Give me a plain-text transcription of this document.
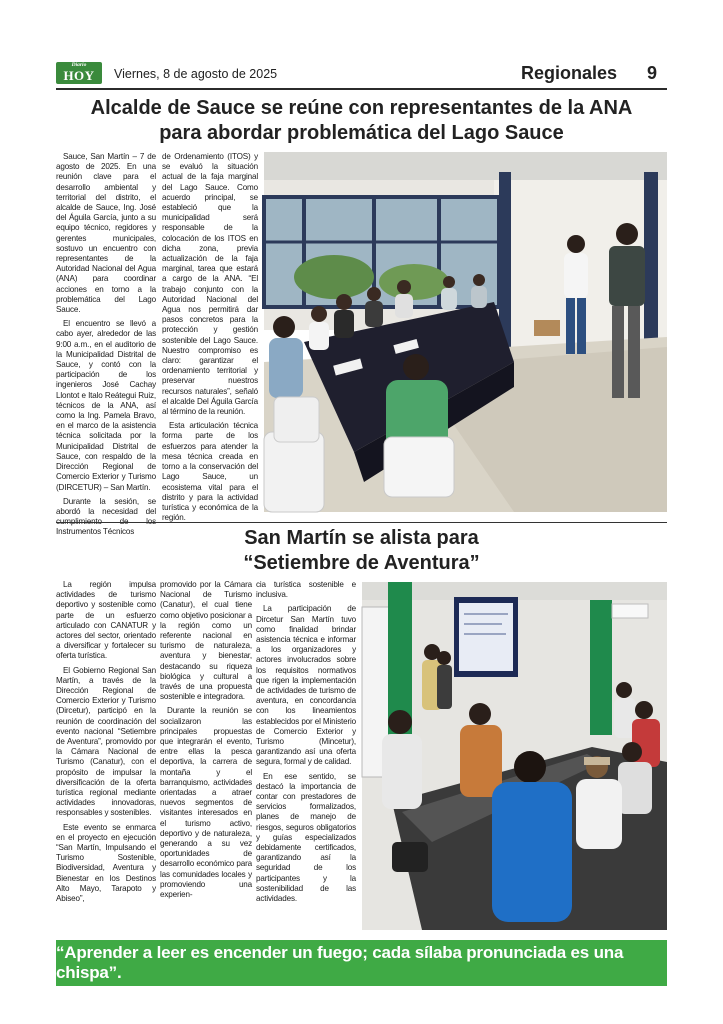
Diario
HOY	Viernes, 8 de agosto de 2025	Regionales 9
Alcalde de Sauce se reúne con representantes de la ANA
para abordar problemática del Lago Sauce

Sauce, San Martín – 7 de agosto de 2025. En una reunión clave para el desarrollo ambiental y territorial del distrito, el alcalde de Sauce, Ing. José del Águila García, junto a su equipo técnico, regidores y gerentes municipales, sostuvo un encuentro con representantes de la Autoridad Nacional del Agua (ANA) para coordinar acciones en torno a la problemática del Lago Sauce.

El encuentro se llevó a cabo ayer, alrededor de las 9:00 a.m., en el auditorio de la Municipalidad Distrital de Sauce, y contó con la participación de los ingenieros José Cachay Llontot e Italo Reátegui Ruiz, técnicos de la ANA, así como la Ing. Pamela Bravo, en el marco de la asistencia técnica solicitada por la Municipalidad Distrital de Sauce, con respaldo de la Dirección Regional de Comercio Exterior y Turismo (DIRCETUR) – San Martín.

Durante la sesión, se abordó la necesidad del Instrumentos Técnicos

de Ordenamiento (ITOS) y se evaluó la situación actual de la faja marginal del Lago Sauce. Como acuerdo principal, se estableció que la municipalidad será responsable de la colocación de los ITOS en dicha zona, previa actualización de la faja marginal, tarea que estará a cargo de la ANA. “El trabajo conjunto con la Autoridad Nacional del Agua nos permitirá dar pasos concretos para la protección y gestión sostenible del Lago Sauce. Nuestro compromiso es claro: garantizar el ordenamiento territorial y preservar nuestros recursos naturales”, señaló el alcalde Del Águila García al término de la reunión.

Esta articulación técnica forma parte de los esfuerzos para atender la mesa técnica creada en torno a la conservación del Lago Sauce, un ecosistema vital para el distrito y para la actividad turística y económica de la región.

San Martín se alista para
“Setiembre de Aventura”

La región impulsa actividades de turismo deportivo y sostenible como parte de un esfuerzo articulado con CANATUR y actores del sector, orientado a diversificar y fortalecer su oferta turística.

El Gobierno Regional San Martín, a través de la Dirección Regional de Comercio Exterior y Turismo (Dircetur), participó en la reunión de coordinación del evento nacional “Setiembre de Aventura”, promovido por la Cámara Nacional de Turismo (Canatur), con el propósito de impulsar la diversificación de la oferta turística regional mediante actividades innovadoras, responsables y sostenibles.

Este evento se enmarca en el proyecto en ejecución “San Martín, Impulsando el Turismo Sostenible, Biodiversidad, Aventura y Bienestar en los Destinos Alto Mayo, Tarapoto y Abiseo”,

promovido por la Cámara Nacional de Turismo (Canatur), el cual tiene como objetivo posicionar a la región como un referente nacional en turismo de naturaleza, aventura y bienestar, destacando su riqueza biológica y cultural a través de una propuesta sostenible e integradora.

Durante la reunión se socializaron las principales propuestas que integrarán el evento, entre ellas la pesca deportiva, la carrera de montaña y el barranquismo, actividades orientadas a atraer nuevos segmentos de visitantes interesados en el turismo activo, deportivo y de naturaleza, generando a su vez oportunidades de desarrollo económico para las comunidades locales y promoviendo una experien-

cia turística sostenible e inclusiva.

La participación de Dircetur San Martín tuvo como finalidad brindar asistencia técnica e informar a los organizadores y actores involucrados sobre los requisitos normativos que rigen la implementación de actividades de turismo de aventura, en concordancia con los lineamientos establecidos por el Ministerio de Comercio Exterior y Turismo (Mincetur), garantizando así una oferta segura, formal y de calidad.

En ese sentido, se destacó la importancia de contar con prestadores de servicios formalizados, planes de manejo de riesgos, seguros obligatorios y guías especializados debidamente certificados, garantizando así la seguridad de los participantes y la sostenibilidad de las actividades.

“Aprender a leer es encender un fuego; cada sílaba pronunciada es una chispa”.
